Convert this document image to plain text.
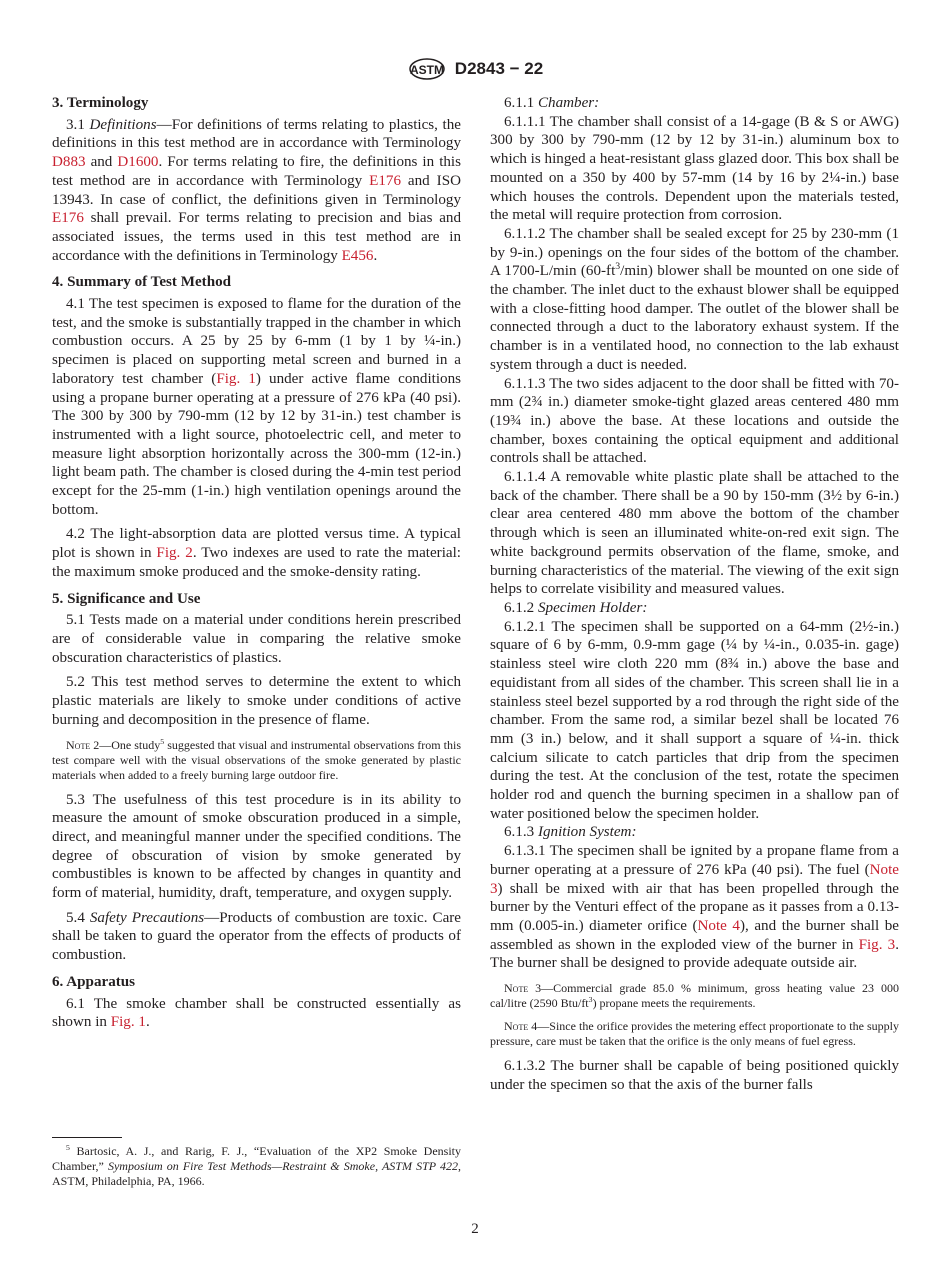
ASTM D2843 − 22
3. Terminology
3.1 Definitions—For definitions of terms relating to plastics, the definitions in this test method are in accordance with Terminology D883 and D1600. For terms relating to fire, the definitions in this test method are in accordance with Terminology E176 and ISO 13943. In case of conflict, the definitions given in Terminology E176 shall prevail. For terms relating to precision and bias and associated issues, the terms used in this test method are in accordance with the definitions in Terminology E456.
4. Summary of Test Method
4.1 The test specimen is exposed to flame for the duration of the test, and the smoke is substantially trapped in the chamber in which combustion occurs. A 25 by 25 by 6-mm (1 by 1 by ¼-in.) specimen is placed on supporting metal screen and burned in a laboratory test chamber (Fig. 1) under active flame conditions using a propane burner operating at a pressure of 276 kPa (40 psi). The 300 by 300 by 790-mm (12 by 12 by 31-in.) test chamber is instrumented with a light source, photoelectric cell, and meter to measure light absorption horizontally across the 300-mm (12-in.) light beam path. The chamber is closed during the 4-min test period except for the 25-mm (1-in.) high ventilation openings around the bottom.
4.2 The light-absorption data are plotted versus time. A typical plot is shown in Fig. 2. Two indexes are used to rate the material: the maximum smoke produced and the smoke-density rating.
5. Significance and Use
5.1 Tests made on a material under conditions herein prescribed are of considerable value in comparing the relative smoke obscuration characteristics of plastics.
5.2 This test method serves to determine the extent to which plastic materials are likely to smoke under conditions of active burning and decomposition in the presence of flame.
Note 2—One study$^5$ suggested that visual and instrumental observations from this test compare well with the visual observations of the smoke generated by plastic materials when added to a freely burning large outdoor fire.
5.3 The usefulness of this test procedure is in its ability to measure the amount of smoke obscuration produced in a simple, direct, and meaningful manner under the specified conditions. The degree of obscuration of vision by smoke generated by combustibles is known to be affected by changes in quantity and form of material, humidity, draft, temperature, and oxygen supply.
5.4 Safety Precautions—Products of combustion are toxic. Care shall be taken to guard the operator from the effects of products of combustion.
6. Apparatus
6.1 The smoke chamber shall be constructed essentially as shown in Fig. 1.
6.1.1 Chamber:
6.1.1.1 The chamber shall consist of a 14-gage (B & S or AWG) 300 by 300 by 790-mm (12 by 12 by 31-in.) aluminum box to which is hinged a heat-resistant glass glazed door. This box shall be mounted on a 350 by 400 by 57-mm (14 by 16 by 2¼-in.) base which houses the controls. Dependent upon the materials tested, the metal will require protection from corrosion.
6.1.1.2 The chamber shall be sealed except for 25 by 230-mm (1 by 9-in.) openings on the four sides of the bottom of the chamber. A 1700-L/min $(60-ft^3/\min)$ blower shall be mounted on one side of the chamber. The inlet duct to the exhaust blower shall be equipped with a close-fitting hood damper. The outlet of the blower shall be connected through a duct to the laboratory exhaust system. If the chamber is in a ventilated hood, no connection to the lab exhaust system through a duct is needed.
6.1.1.3 The two sides adjacent to the door shall be fitted with 70-mm (2¾ in.) diameter smoke-tight glazed areas centered 480 mm (19¾ in.) above the base. At these locations and outside the chamber, boxes containing the optical equipment and additional controls shall be attached.
6.1.1.4 A removable white plastic plate shall be attached to the back of the chamber. There shall be a 90 by 150-mm (3½ by 6-in.) clear area centered 480 mm above the bottom of the chamber through which is seen an illuminated white-on-red exit sign. The white background permits observation of the flame, smoke, and burning characteristics of the material. The viewing of the exit sign helps to correlate visibility and measured values.
6.1.2 Specimen Holder:
6.1.2.1 The specimen shall be supported on a 64-mm (2½-in.) square of 6 by 6-mm, 0.9-mm gage (¼ by ¼-in., 0.035-in. gage) stainless steel wire cloth 220 mm (8¾ in.) above the base and equidistant from all sides of the chamber. This screen shall lie in a stainless steel bezel supported by a rod through the right side of the chamber. From the same rod, a similar bezel shall be located 76 mm (3 in.) below, and it shall support a square of ¼-in. thick calcium silicate to catch particles that drip from the specimen during the test. At the conclusion of the test, rotate the specimen holder rod and quench the burning specimen in a shallow pan of water positioned below the specimen holder.
6.1.3 Ignition System:
6.1.3.1 The specimen shall be ignited by a propane flame from a burner operating at a pressure of 276 kPa (40 psi). The fuel (Note 3) shall be mixed with air that has been propelled through the burner by the Venturi effect of the propane as it passes from a 0.13-mm (0.005-in.) diameter orifice (Note 4), and the burner shall be assembled as shown in the exploded view of the burner in Fig. 3. The burner shall be designed to provide adequate outside air.
Note 3—Commercial grade 85.0 % minimum, gross heating value 23 000 cal/litre (2590 Btu/$ft^3$) propane meets the requirements.
Note 4—Since the orifice provides the metering effect proportionate to the supply pressure, care must be taken that the orifice is the only means of fuel egress.
6.1.3.2 The burner shall be capable of being positioned quickly under the specimen so that the axis of the burner falls
$^5$ Bartosic, A. J., and Rarig, F. J., “Evaluation of the XP2 Smoke Density Chamber,” Symposium on Fire Test Methods—Restraint & Smoke, ASTM STP 422, ASTM, Philadelphia, PA, 1966.
2
